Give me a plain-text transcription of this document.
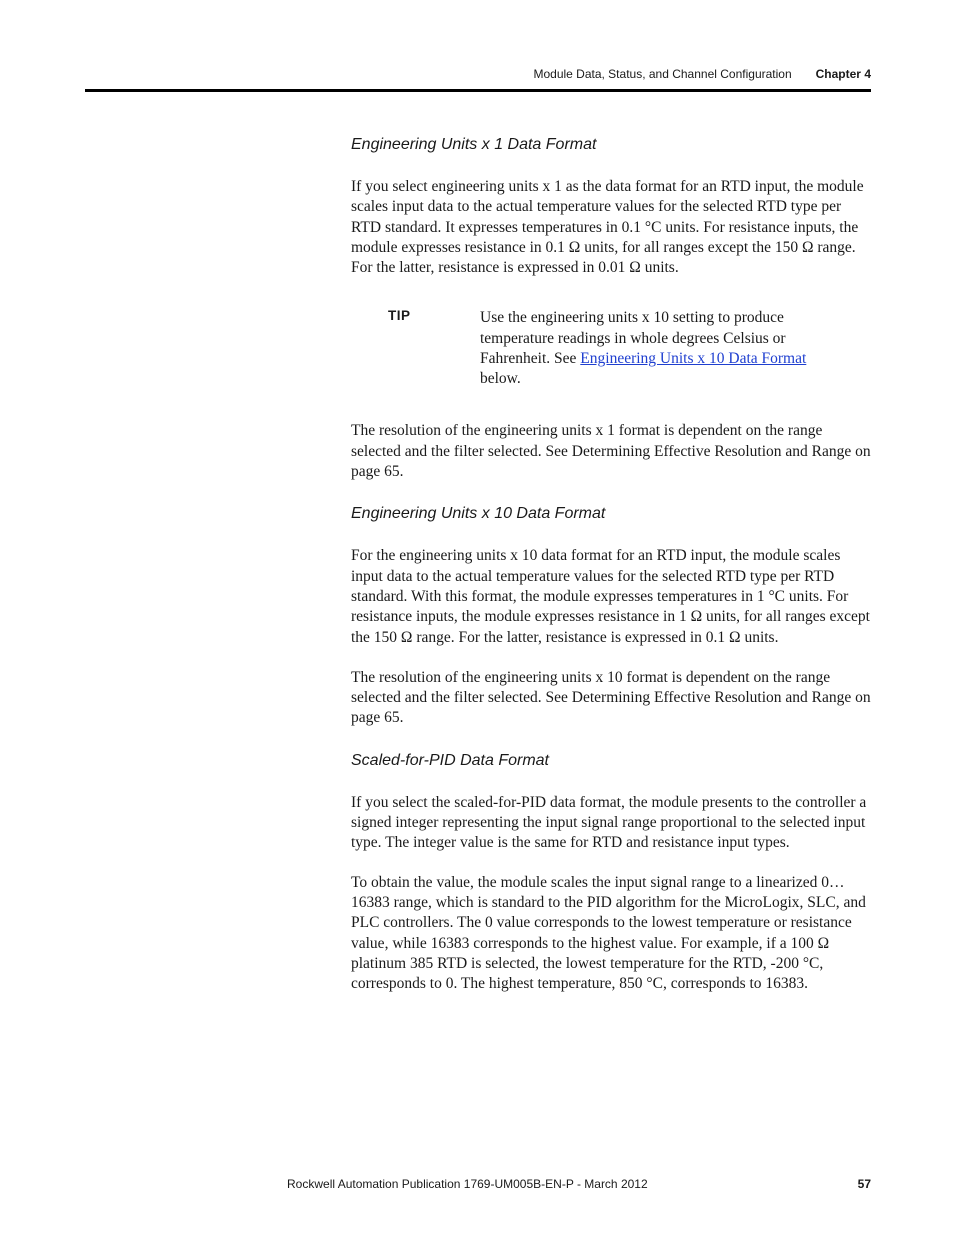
Module Data, Status, and Channel Configuration Chapter 4
Engineering Units x 1 Data Format

If you select engineering units x 1 as the data format for an RTD input, the module scales input data to the actual temperature values for the selected RTD type per RTD standard. It expresses temperatures in 0.1 °C units. For resistance inputs, the module expresses resistance in 0.1 Ω units, for all ranges except the 150 Ω range. For the latter, resistance is expressed in 0.01 Ω units.

TIP	Use the engineering units x 10 setting to produce temperature readings in whole degrees Celsius or Fahrenheit. See Engineering Units x 10 Data Format below.

The resolution of the engineering units x 1 format is dependent on the range selected and the filter selected. See Determining Effective Resolution and Range on page 65.

Engineering Units x 10 Data Format

For the engineering units x 10 data format for an RTD input, the module scales input data to the actual temperature values for the selected RTD type per RTD standard. With this format, the module expresses temperatures in 1 °C units. For resistance inputs, the module expresses resistance in 1 Ω units, for all ranges except the 150 Ω range. For the latter, resistance is expressed in 0.1 Ω units.

The resolution of the engineering units x 10 format is dependent on the range selected and the filter selected. See Determining Effective Resolution and Range on page 65.

Scaled-for-PID Data Format

If you select the scaled-for-PID data format, the module presents to the controller a signed integer representing the input signal range proportional to the selected input type. The integer value is the same for RTD and resistance input types.

To obtain the value, the module scales the input signal range to a linearized 0…16383 range, which is standard to the PID algorithm for the MicroLogix, SLC, and PLC controllers. The 0 value corresponds to the lowest temperature or resistance value, while 16383 corresponds to the highest value. For example, if a 100 Ω platinum 385 RTD is selected, the lowest temperature for the RTD, -200 °C, corresponds to 0. The highest temperature, 850 °C, corresponds to 16383.

Rockwell Automation Publication 1769-UM005B-EN-P - March 2012	57
